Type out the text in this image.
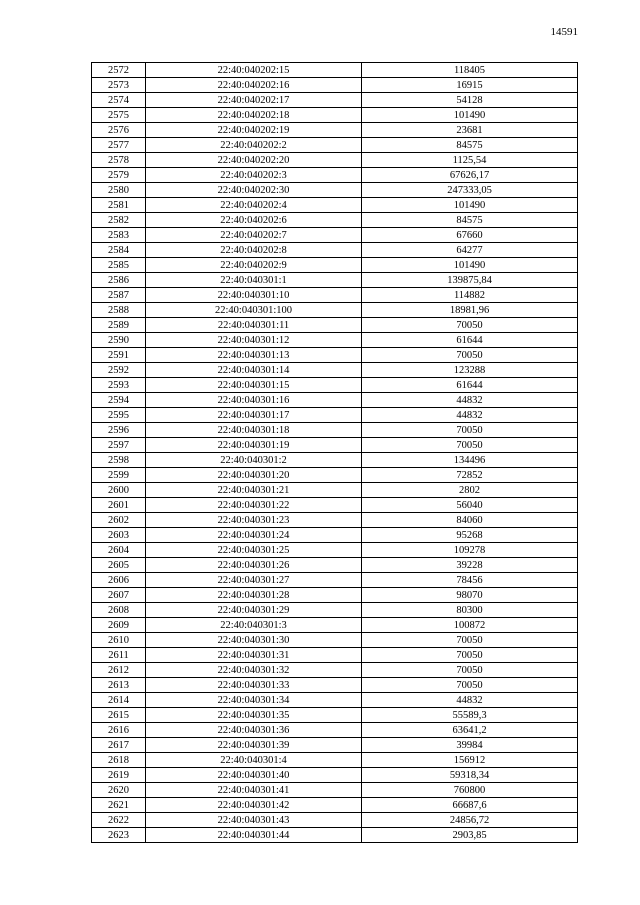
14591
2572	22:40:040202:15	118405
2573	22:40:040202:16	16915
2574	22:40:040202:17	54128
2575	22:40:040202:18	101490
2576	22:40:040202:19	23681
2577	22:40:040202:2	84575
2578	22:40:040202:20	1125,54
2579	22:40:040202:3	67626,17
2580	22:40:040202:30	247333,05
2581	22:40:040202:4	101490
2582	22:40:040202:6	84575
2583	22:40:040202:7	67660
2584	22:40:040202:8	64277
2585	22:40:040202:9	101490
2586	22:40:040301:1	139875,84
2587	22:40:040301:10	114882
2588	22:40:040301:100	18981,96
2589	22:40:040301:11	70050
2590	22:40:040301:12	61644
2591	22:40:040301:13	70050
2592	22:40:040301:14	123288
2593	22:40:040301:15	61644
2594	22:40:040301:16	44832
2595	22:40:040301:17	44832
2596	22:40:040301:18	70050
2597	22:40:040301:19	70050
2598	22:40:040301:2	134496
2599	22:40:040301:20	72852
2600	22:40:040301:21	2802
2601	22:40:040301:22	56040
2602	22:40:040301:23	84060
2603	22:40:040301:24	95268
2604	22:40:040301:25	109278
2605	22:40:040301:26	39228
2606	22:40:040301:27	78456
2607	22:40:040301:28	98070
2608	22:40:040301:29	80300
2609	22:40:040301:3	100872
2610	22:40:040301:30	70050
2611	22:40:040301:31	70050
2612	22:40:040301:32	70050
2613	22:40:040301:33	70050
2614	22:40:040301:34	44832
2615	22:40:040301:35	55589,3
2616	22:40:040301:36	63641,2
2617	22:40:040301:39	39984
2618	22:40:040301:4	156912
2619	22:40:040301:40	59318,34
2620	22:40:040301:41	760800
2621	22:40:040301:42	66687,6
2622	22:40:040301:43	24856,72
2623	22:40:040301:44	2903,85
